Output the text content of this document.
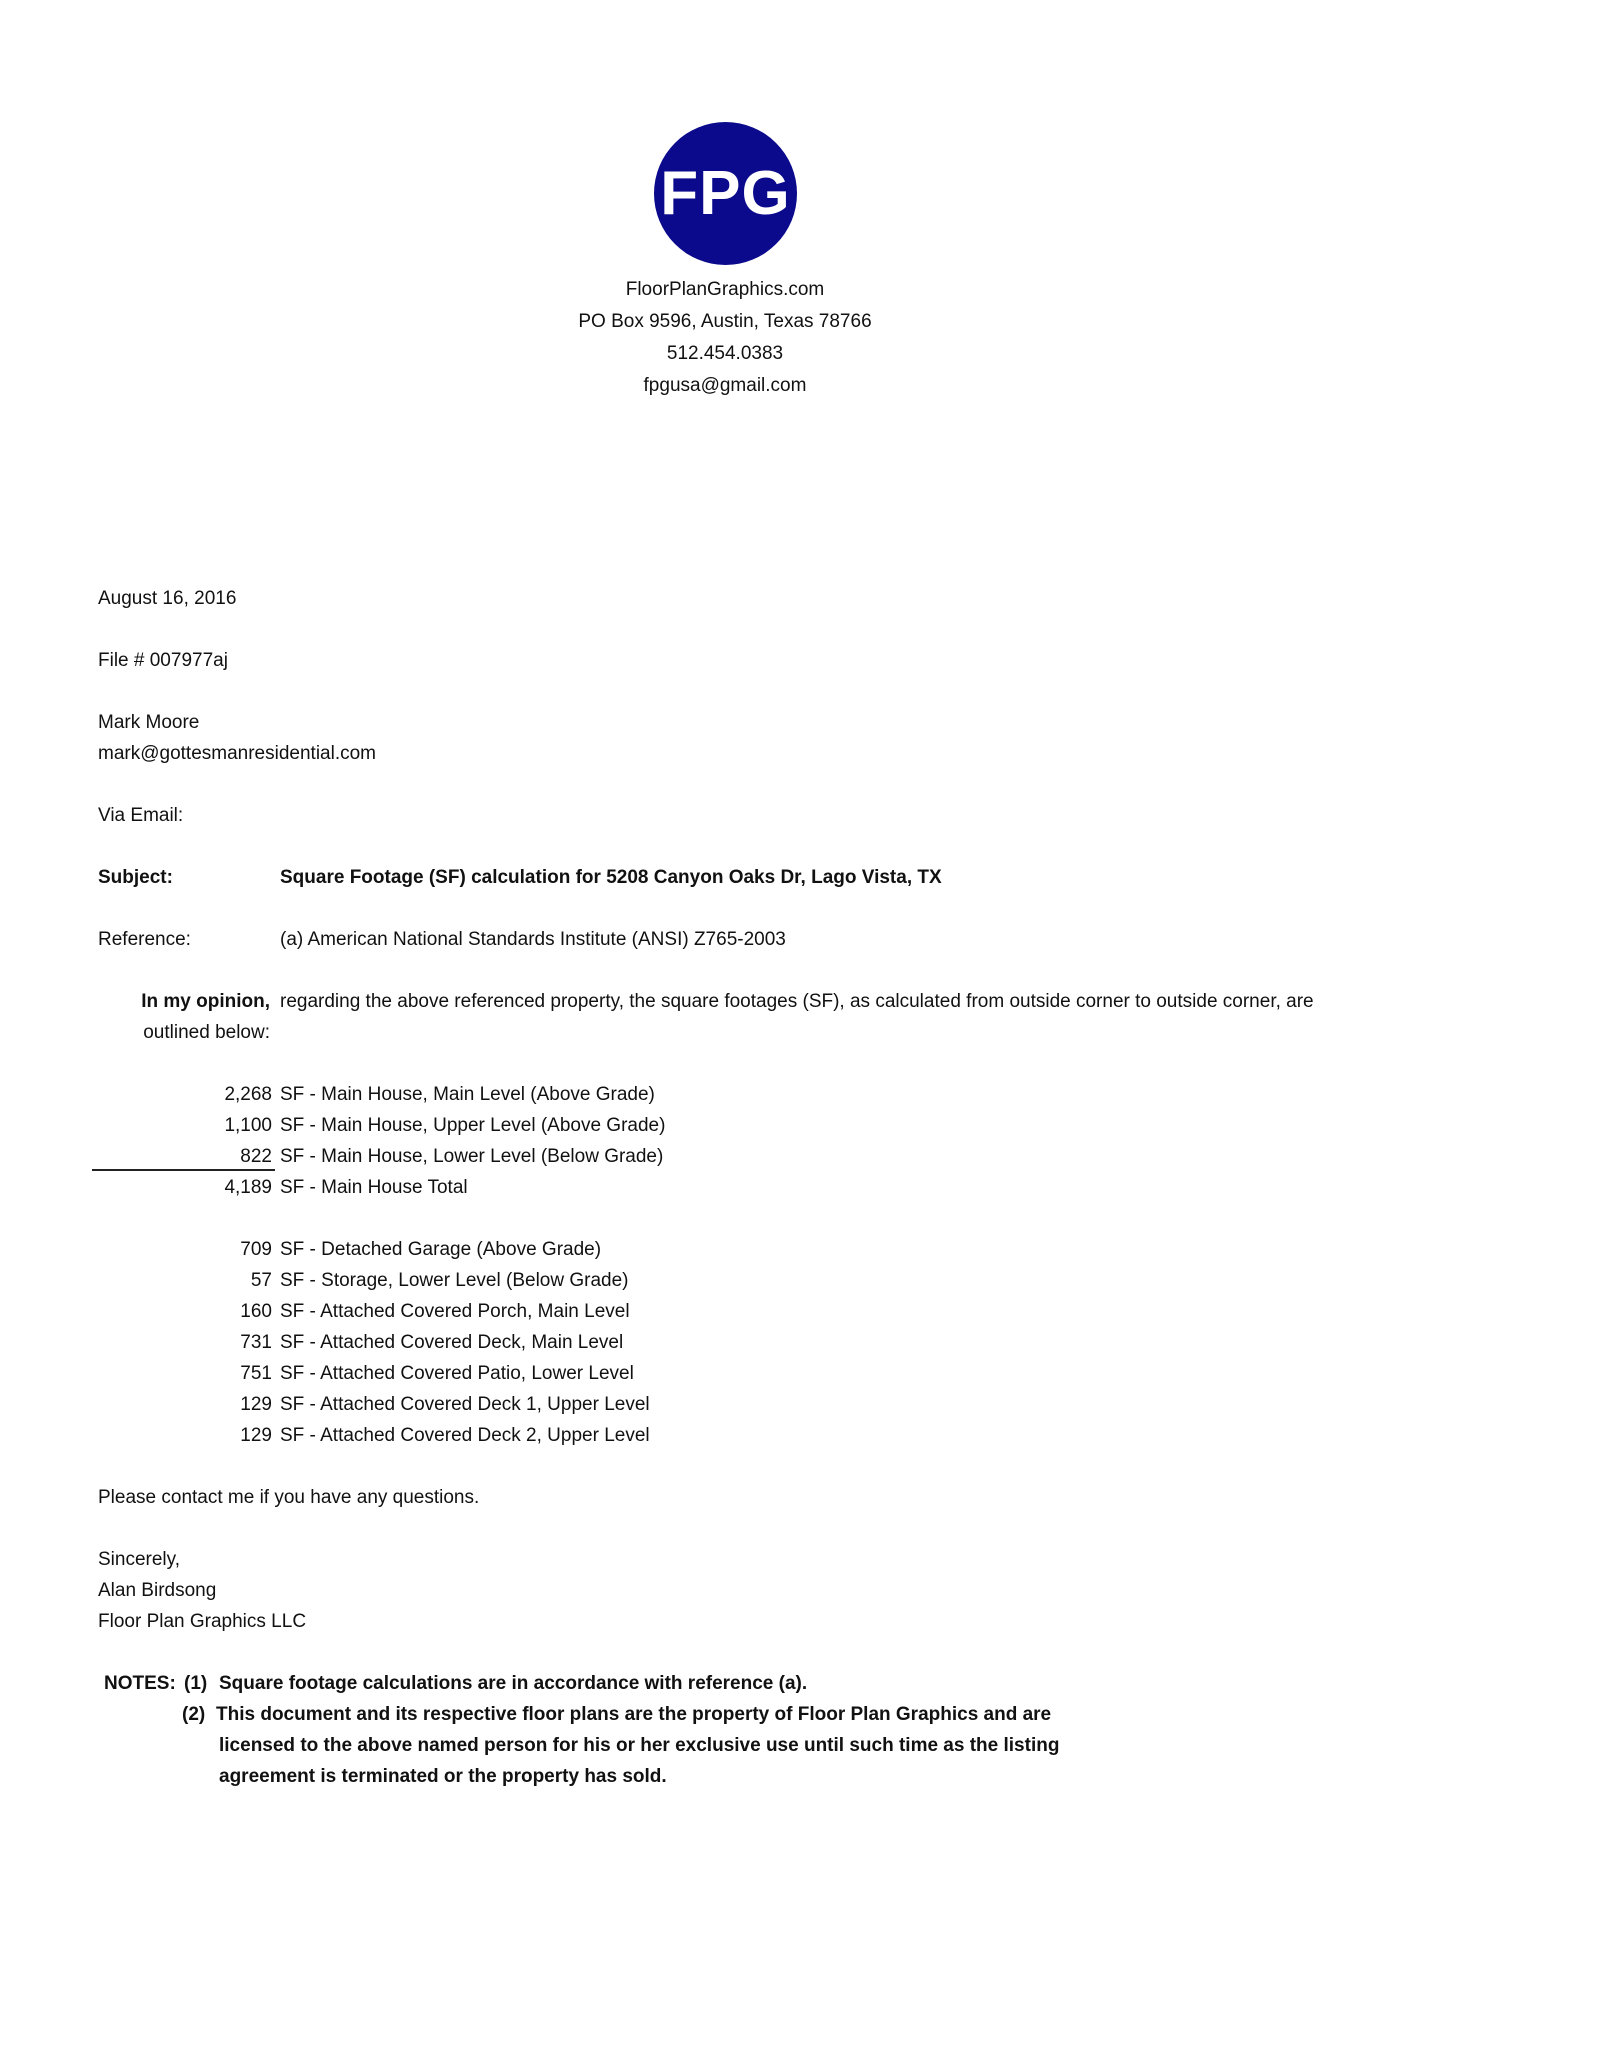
FPG
FloorPlanGraphics.com
PO Box 9596, Austin, Texas 78766
512.454.0383
fpgusa@gmail.com
August 16, 2016
File # 007977aj
Mark Moore
mark@gottesmanresidential.com
Via Email:
Subject:	Square Footage (SF) calculation for 5208 Canyon Oaks Dr, Lago Vista, TX
Reference:	(a) American National Standards Institute (ANSI) Z765-2003
In my opinion, regarding the above referenced property, the square footages (SF), as calculated from outside corner to outside corner, are
outlined below:
2,268 SF - Main House, Main Level (Above Grade)
1,100 SF - Main House, Upper Level (Above Grade)
822 SF - Main House, Lower Level (Below Grade)
4,189 SF - Main House Total
709 SF - Detached Garage (Above Grade)
57 SF - Storage, Lower Level (Below Grade)
160 SF - Attached Covered Porch, Main Level
731 SF - Attached Covered Deck, Main Level
751 SF - Attached Covered Patio, Lower Level
129 SF - Attached Covered Deck 1, Upper Level
129 SF - Attached Covered Deck 2, Upper Level
Please contact me if you have any questions.
Sincerely,
Alan Birdsong
Floor Plan Graphics LLC
NOTES: (1) Square footage calculations are in accordance with reference (a).
(2) This document and its respective floor plans are the property of Floor Plan Graphics and are
licensed to the above named person for his or her exclusive use until such time as the listing
agreement is terminated or the property has sold.
